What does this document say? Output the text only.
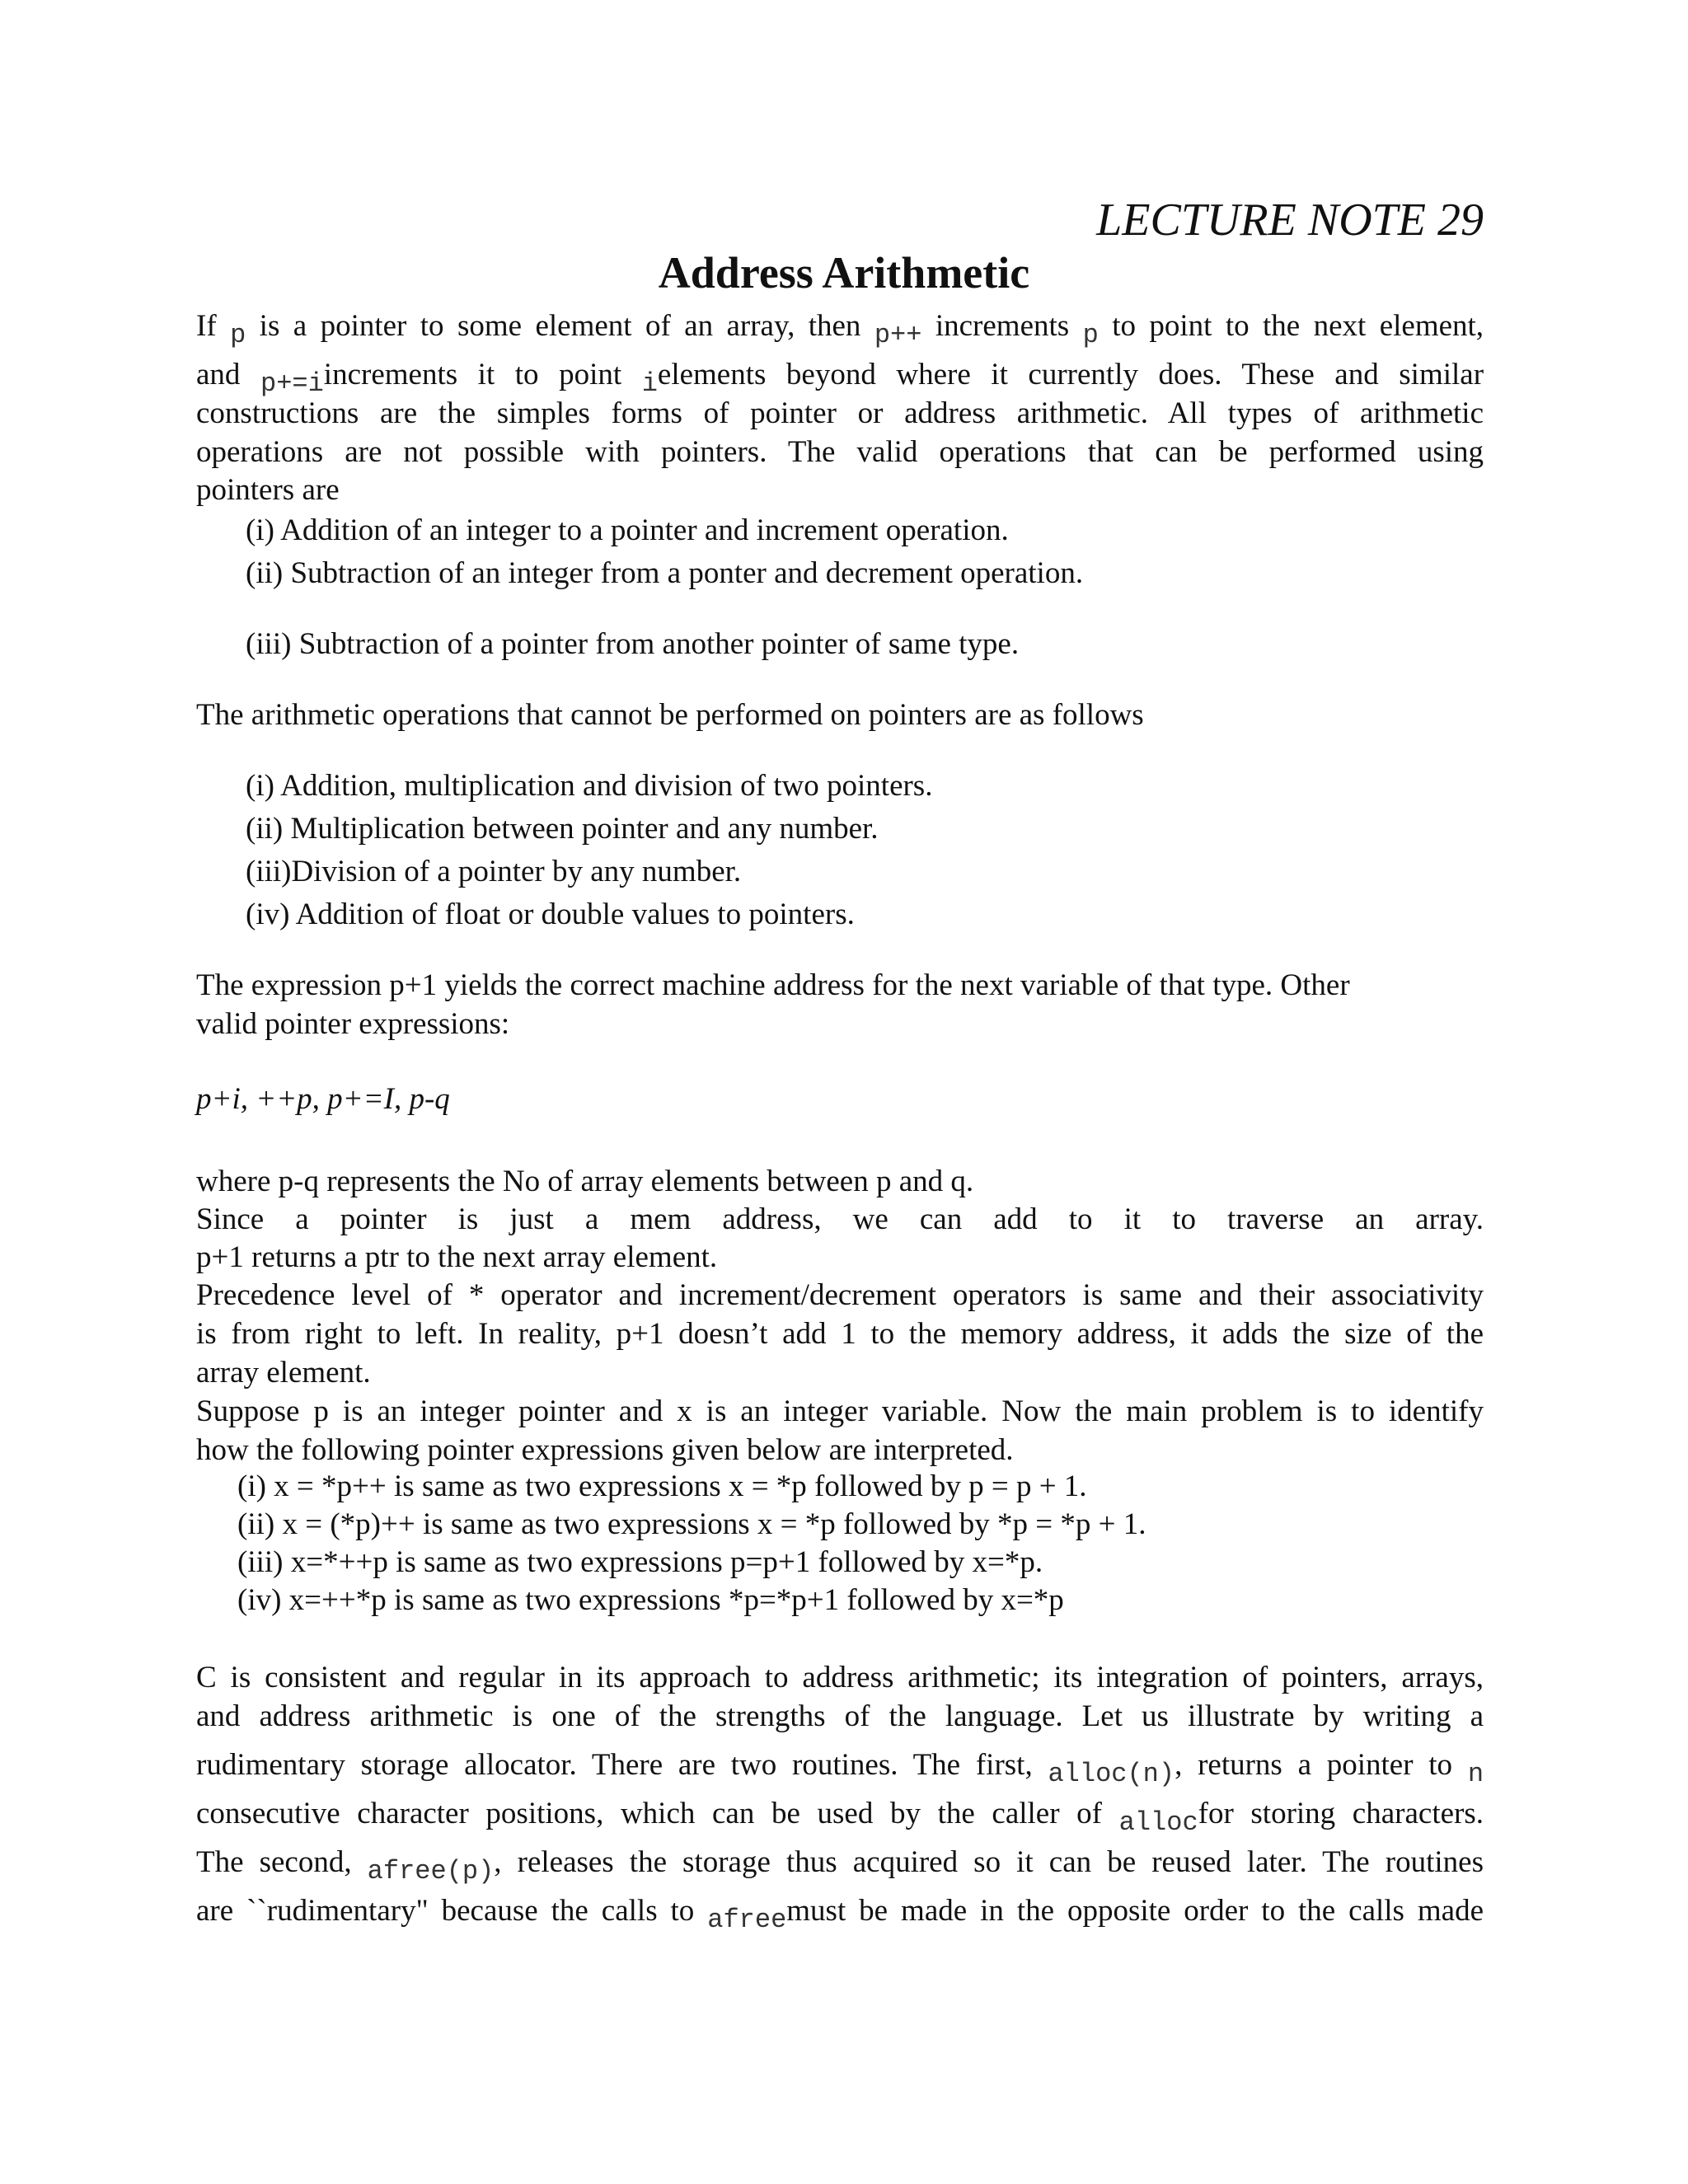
LECTURE NOTE 29
Address Arithmetic
If p is a pointer to some element of an array, then p++ increments p to point to the next element,
and p+=iincrements it to point ielements beyond where it currently does. These and similar
constructions are the simples forms of pointer or address arithmetic. All types of arithmetic
operations are not possible with pointers. The valid operations that can be performed using
pointers are
(i) Addition of an integer to a pointer and increment operation.
(ii) Subtraction of an integer from a ponter and decrement operation.
(iii) Subtraction of a pointer from another pointer of same type.
The arithmetic operations that cannot be performed on pointers are as follows
(i) Addition, multiplication and division of two pointers.
(ii) Multiplication between pointer and any number.
(iii)Division of a pointer by any number.
(iv) Addition of float or double values to pointers.
The expression p+1 yields the correct machine address for the next variable of that type. Other
valid pointer expressions:
p+i, ++p, p+=I, p-q
where p-q represents the No of array elements between p and q.
Since a pointer is just a mem address, we can add to it to traverse an array.
p+1 returns a ptr to the next array element.
Precedence level of * operator and increment/decrement operators is same and their associativity
is from right to left. In reality, p+1 doesn’t add 1 to the memory address, it adds the size of the
array element.
Suppose p is an integer pointer and x is an integer variable. Now the main problem is to identify
how the following pointer expressions given below are interpreted.
(i) x = *p++ is same as two expressions x = *p followed by p = p + 1.
(ii) x = (*p)++ is same as two expressions x = *p followed by *p = *p + 1.
(iii) x=*++p is same as two expressions p=p+1 followed by x=*p.
(iv) x=++*p is same as two expressions *p=*p+1 followed by x=*p
C is consistent and regular in its approach to address arithmetic; its integration of pointers, arrays,
and address arithmetic is one of the strengths of the language. Let us illustrate by writing a
rudimentary storage allocator. There are two routines. The first, alloc(n), returns a pointer to n
consecutive character positions, which can be used by the caller of allocfor storing characters.
The second, afree(p), releases the storage thus acquired so it can be reused later. The routines
are ``rudimentary" because the calls to afreemust be made in the opposite order to the calls made
